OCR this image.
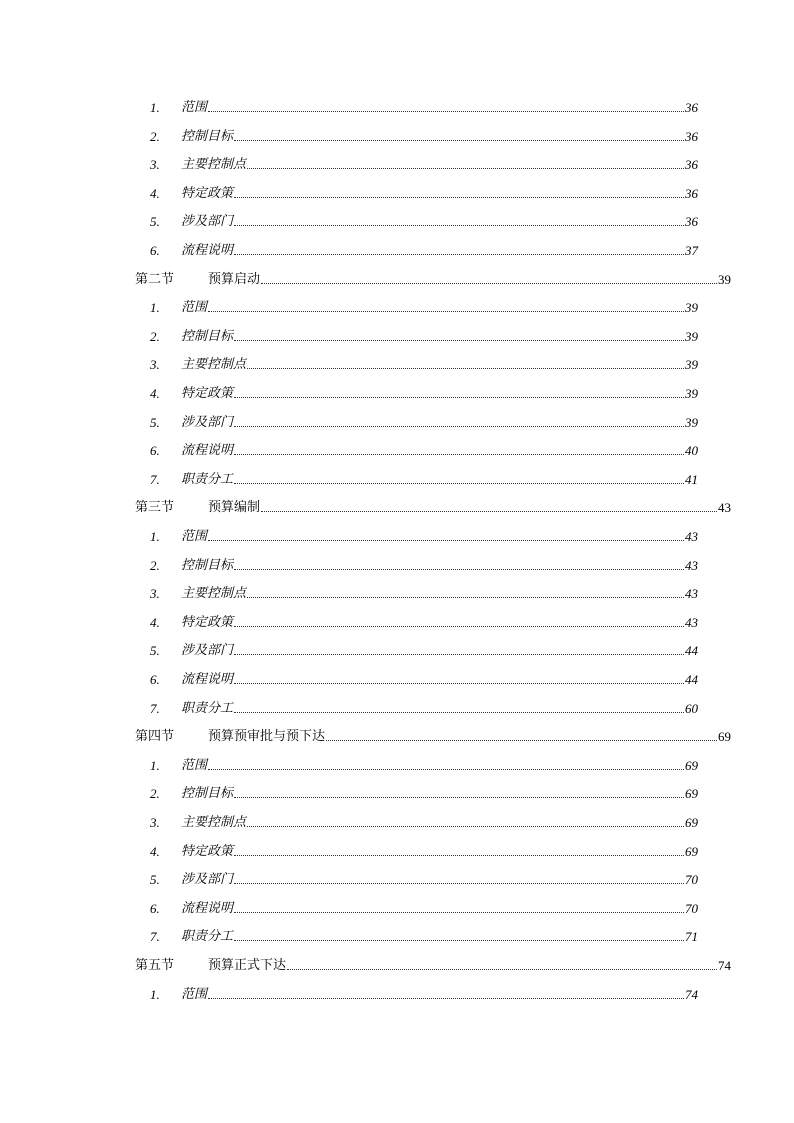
1.	范围	36
2.	控制目标	36
3.	主要控制点	36
4.	特定政策	36
5.	涉及部门	36
6.	流程说明	37
第二节	预算启动	39
1.	范围	39
2.	控制目标	39
3.	主要控制点	39
4.	特定政策	39
5.	涉及部门	39
6.	流程说明	40
7.	职责分工	41
第三节	预算编制	43
1.	范围	43
2.	控制目标	43
3.	主要控制点	43
4.	特定政策	43
5.	涉及部门	44
6.	流程说明	44
7.	职责分工	60
第四节	预算预审批与预下达	69
1.	范围	69
2.	控制目标	69
3.	主要控制点	69
4.	特定政策	69
5.	涉及部门	70
6.	流程说明	70
7.	职责分工	71
第五节	预算正式下达	74
1.	范围	74
